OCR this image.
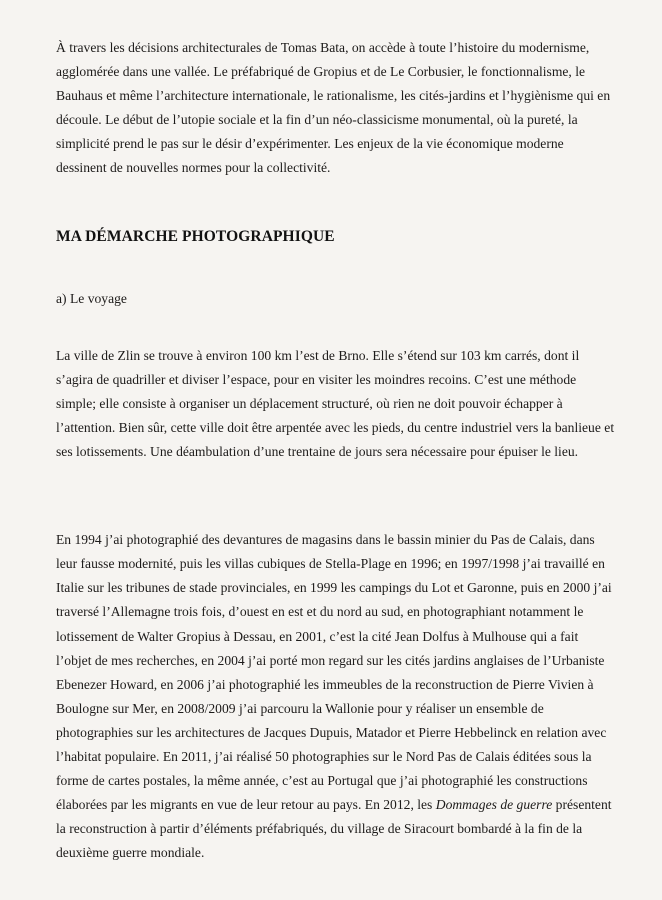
À travers les décisions architecturales de Tomas Bata, on accède à toute l’histoire du modernisme, agglomérée dans une vallée. Le préfabriqué de Gropius et de Le Corbusier, le fonctionnalisme, le Bauhaus et même l’architecture internationale, le rationalisme, les cités-jardins et l’hygiènisme qui en découle. Le début de l’utopie sociale et la fin d’un néo-classicisme monumental, où la pureté, la simplicité prend le pas sur le désir d’expérimenter. Les enjeux de la vie économique moderne dessinent de nouvelles normes pour la collectivité.

MA DÉMARCHE PHOTOGRAPHIQUE

a) Le voyage

La ville de Zlin se trouve à environ 100 km l’est de Brno. Elle s’étend sur 103 km carrés, dont il s’agira de quadriller et diviser l’espace, pour en visiter les moindres recoins. C’est une méthode simple; elle consiste à organiser un déplacement structuré, où rien ne doit pouvoir échapper à l’attention. Bien sûr, cette ville doit être arpentée avec les pieds, du centre industriel vers la banlieue et ses lotissements. Une déambulation d’une trentaine de jours sera nécessaire pour épuiser le lieu.

En 1994 j’ai photographié des devantures de magasins dans le bassin minier du Pas de Calais, dans leur fausse modernité, puis les villas cubiques de Stella-Plage en 1996; en 1997/1998 j’ai travaillé en Italie sur les tribunes de stade provinciales, en 1999 les campings du Lot et Garonne, puis en 2000 j’ai traversé l’Allemagne trois fois, d’ouest en est et du nord au sud, en photographiant notamment le lotissement de Walter Gropius à Dessau, en 2001, c’est la cité Jean Dolfus à Mulhouse qui a fait l’objet de mes recherches, en 2004 j’ai porté mon regard sur les cités jardins anglaises de l’Urbaniste Ebenezer Howard, en 2006 j’ai photographié les immeubles de la reconstruction de Pierre Vivien à Boulogne sur Mer, en 2008/2009 j’ai parcouru la Wallonie pour y réaliser un ensemble de photographies sur les architectures de Jacques Dupuis, Matador et Pierre Hebbelinck en relation avec l’habitat populaire. En 2011, j’ai réalisé 50 photographies sur le Nord Pas de Calais éditées sous la forme de cartes postales, la même année, c’est au Portugal que j’ai photographié les constructions élaborées par les migrants en vue de leur retour au pays. En 2012, les Dommages de guerre présentent la reconstruction à partir d’éléments préfabriqués, du village de Siracourt bombardé à la fin de la deuxième guerre mondiale.
